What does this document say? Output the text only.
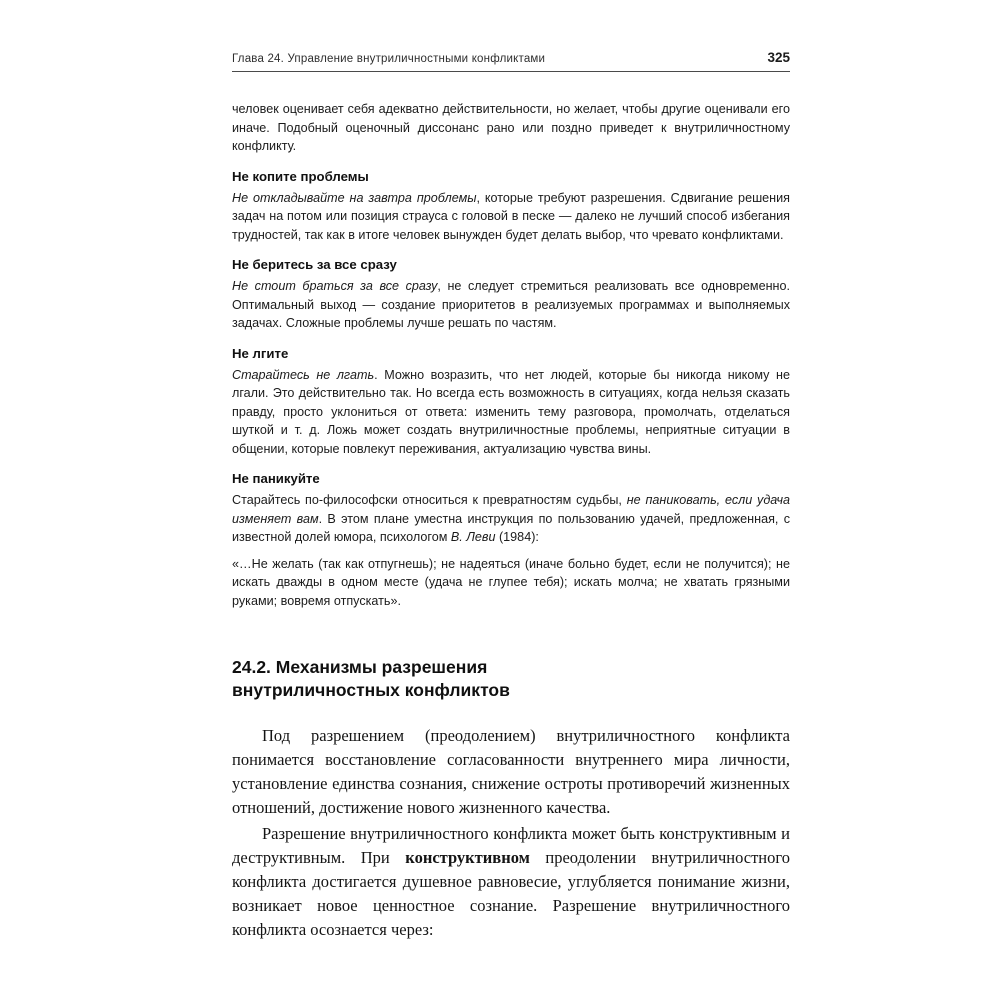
Глава 24. Управление внутриличностными конфликтами	325

человек оценивает себя адекватно действительности, но желает, чтобы другие оценивали его иначе. Подобный оценочный диссонанс рано или поздно приведет к внутриличностному конфликту.

Не копите проблемы

Не откладывайте на завтра проблемы, которые требуют разрешения. Сдвигание решения задач на потом или позиция страуса с головой в песке — далеко не лучший способ избегания трудностей, так как в итоге человек вынужден будет делать выбор, что чревато конфликтами.

Не беритесь за все сразу

Не стоит браться за все сразу, не следует стремиться реализовать все одновременно. Оптимальный выход — создание приоритетов в реализуемых программах и выполняемых задачах. Сложные проблемы лучше решать по частям.

Не лгите

Старайтесь не лгать. Можно возразить, что нет людей, которые бы никогда никому не лгали. Это действительно так. Но всегда есть возможность в ситуациях, когда нельзя сказать правду, просто уклониться от ответа: изменить тему разговора, промолчать, отделаться шуткой и т. д. Ложь может создать внутриличностные проблемы, неприятные ситуации в общении, которые повлекут переживания, актуализацию чувства вины.

Не паникуйте

Старайтесь по-философски относиться к превратностям судьбы, не паниковать, если удача изменяет вам. В этом плане уместна инструкция по пользованию удачей, предложенная, с известной долей юмора, психологом В. Леви (1984):

«…Не желать (так как отпугнешь); не надеяться (иначе больно будет, если не получится); не искать дважды в одном месте (удача не глупее тебя); искать молча; не хватать грязными руками; вовремя отпускать».

24.2. Механизмы разрешения
внутриличностных конфликтов

Под разрешением (преодолением) внутриличностного конфликта понимается восстановление согласованности внутреннего мира личности, установление единства сознания, снижение остроты противоречий жизненных отношений, достижение нового жизненного качества.

Разрешение внутриличностного конфликта может быть конструктивным и деструктивным. При конструктивном преодолении внутриличностного конфликта достигается душевное равновесие, углубляется понимание жизни, возникает новое ценностное сознание. Разрешение внутриличностного конфликта осознается через:
